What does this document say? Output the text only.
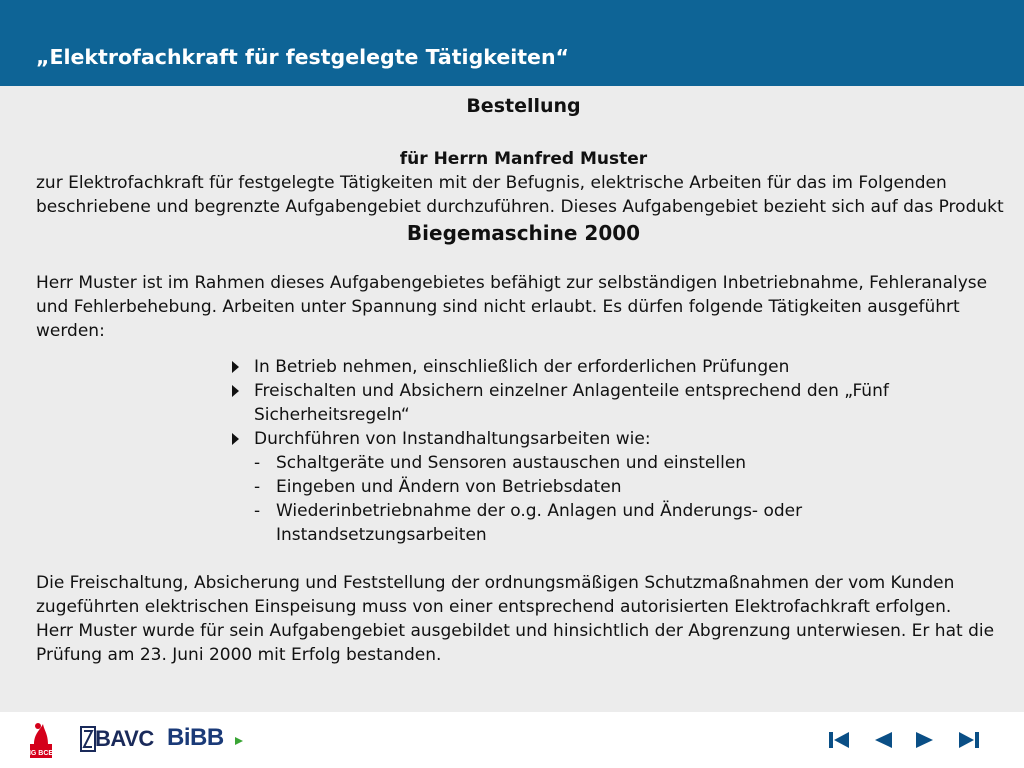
„Elektrofachkraft für festgelegte Tätigkeiten“
Bestellung
für Herrn Manfred Muster

zur Elektrofachkraft für festgelegte Tätigkeiten mit der Befugnis, elektrische Arbeiten für das im Folgenden beschriebene und begrenzte Aufgabengebiet durchzuführen. Dieses Aufgabengebiet bezieht sich auf das Produkt

Biegemaschine 2000

Herr Muster ist im Rahmen dieses Aufgabengebietes befähigt zur selbständigen Inbetriebnahme, Fehleranalyse und Fehlerbehebung. Arbeiten unter Spannung sind nicht erlaubt. Es dürfen folgende Tätigkeiten ausgeführt werden:

In Betrieb nehmen, einschließlich der erforderlichen Prüfungen
Freischalten und Absichern einzelner Anlagenteile entsprechend den „Fünf Sicherheitsregeln“
Durchführen von Instandhaltungsarbeiten wie:
- Schaltgeräte und Sensoren austauschen und einstellen
- Eingeben und Ändern von Betriebsdaten
- Wiederinbetriebnahme der o.g. Anlagen und Änderungs- oder Instandsetzungsarbeiten

Die Freischaltung, Absicherung und Feststellung der ordnungsmäßigen Schutzmaßnahmen der vom Kunden zugeführten elektrischen Einspeisung muss von einer entsprechend autorisierten Elektrofachkraft erfolgen.

Herr Muster wurde für sein Aufgabengebiet ausgebildet und hinsichtlich der Abgrenzung unterwiesen. Er hat die Prüfung am 23. Juni 2000 mit Erfolg bestanden.

IG BCE
BAVC BiBB
